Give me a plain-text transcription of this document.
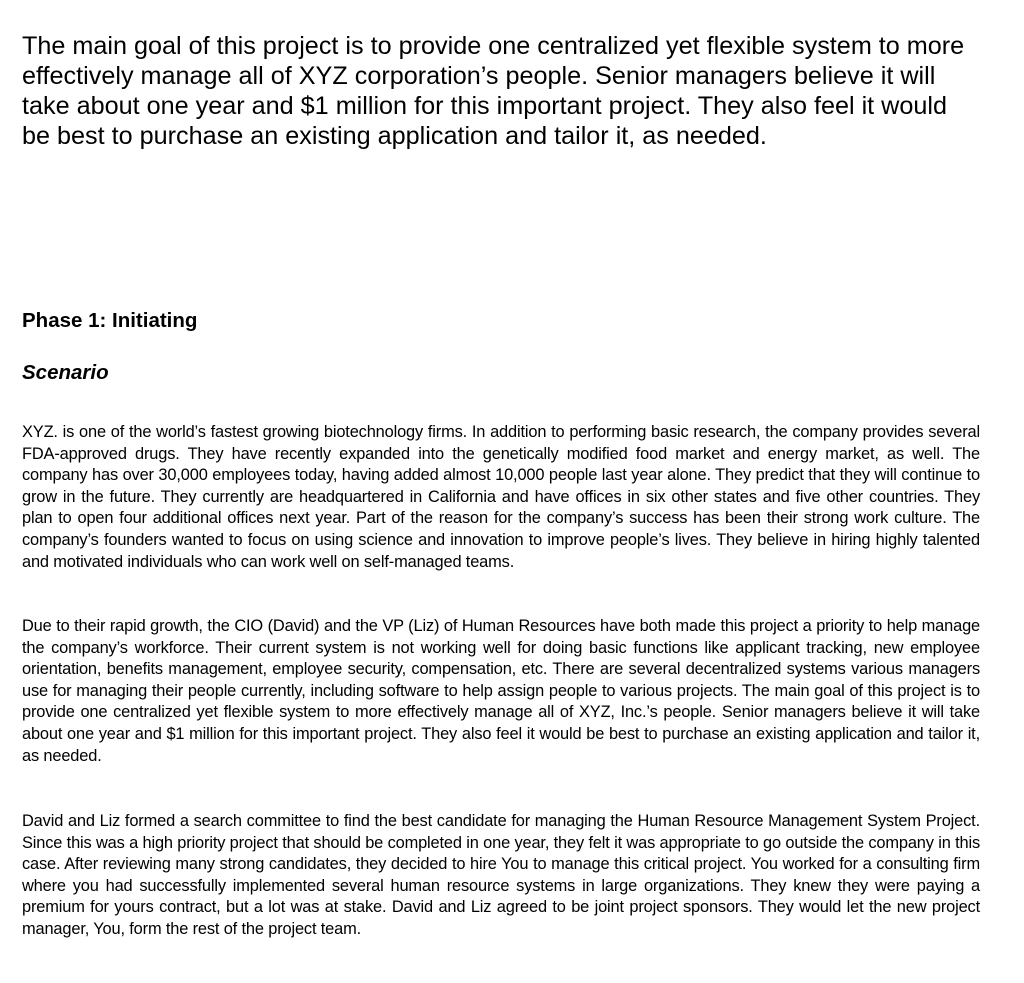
The main goal of this project is to provide one centralized yet flexible system to more effectively manage all of XYZ corporation’s people. Senior managers believe it will take about one year and $1 million for this important project. They also feel it would be best to purchase an existing application and tailor it, as needed.

Phase 1: Initiating
Scenario

XYZ. is one of the world’s fastest growing biotechnology firms. In addition to performing basic research, the company provides several FDA-approved drugs. They have recently expanded into the genetically modified food market and energy market, as well. The company has over 30,000 employees today, having added almost 10,000 people last year alone. They predict that they will continue to grow in the future. They currently are headquartered in California and have offices in six other states and five other countries. They plan to open four additional offices next year. Part of the reason for the company’s success has been their strong work culture. The company’s founders wanted to focus on using science and innovation to improve people’s lives. They believe in hiring highly talented and motivated individuals who can work well on self-managed teams.

Due to their rapid growth, the CIO (David) and the VP (Liz) of Human Resources have both made this project a priority to help manage the company’s workforce. Their current system is not working well for doing basic functions like applicant tracking, new employee orientation, benefits management, employee security, compensation, etc. There are several decentralized systems various managers use for managing their people currently, including software to help assign people to various projects. The main goal of this project is to provide one centralized yet flexible system to more effectively manage all of XYZ, Inc.’s people. Senior managers believe it will take about one year and $1 million for this important project. They also feel it would be best to purchase an existing application and tailor it, as needed.

David and Liz formed a search committee to find the best candidate for managing the Human Resource Management System Project. Since this was a high priority project that should be completed in one year, they felt it was appropriate to go outside the company in this case. After reviewing many strong candidates, they decided to hire You to manage this critical project. You worked for a consulting firm where you had successfully implemented several human resource systems in large organizations. They knew they were paying a premium for yours contract, but a lot was at stake. David and Liz agreed to be joint project sponsors. They would let the new project manager, You, form the rest of the project team.
